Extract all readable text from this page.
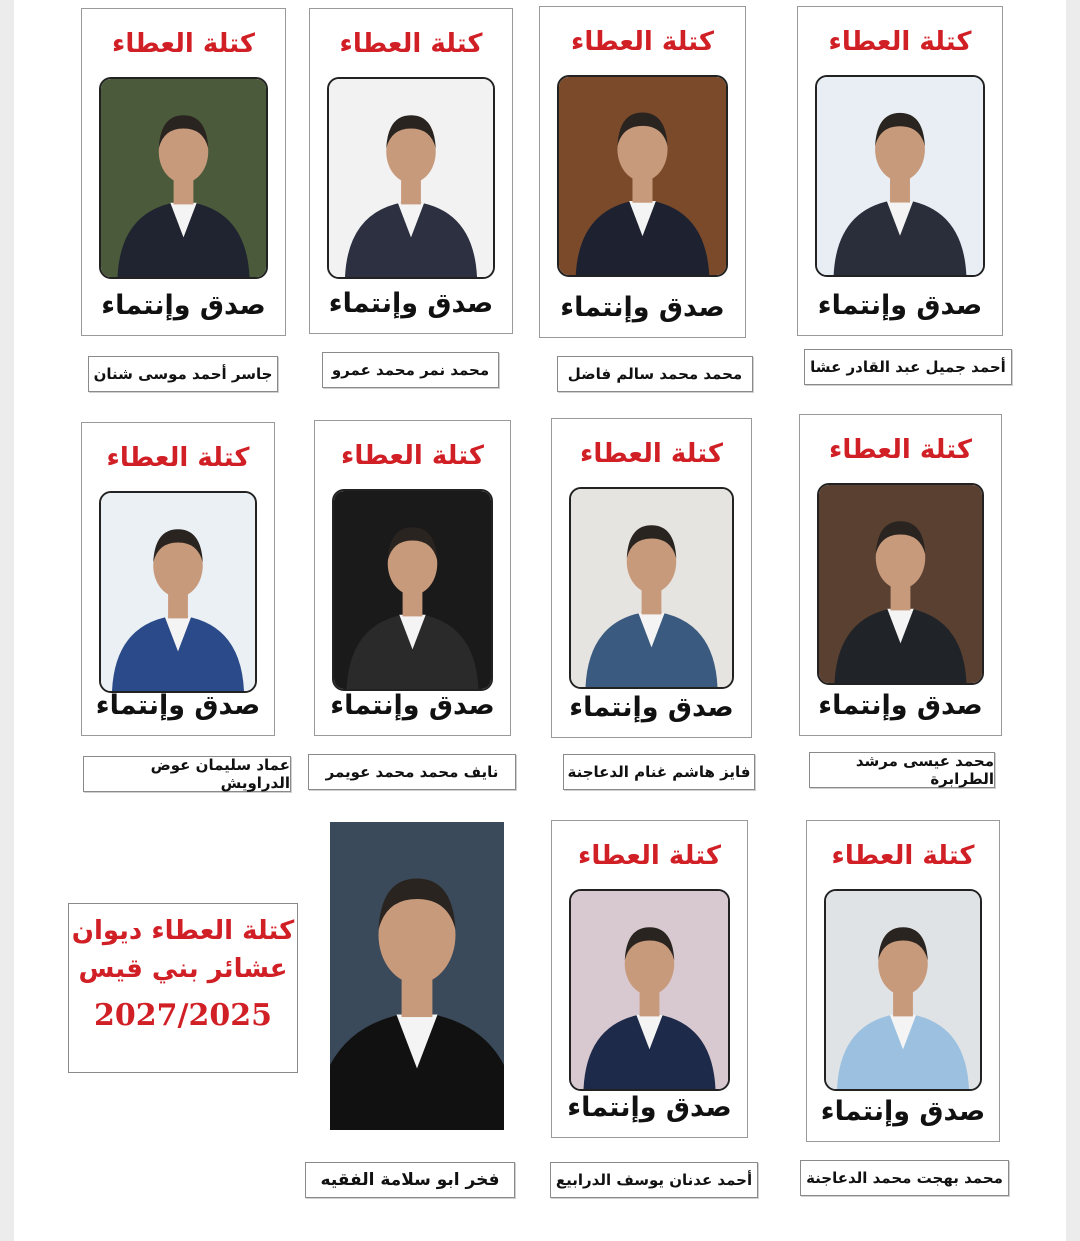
كتلة العطاء
صدق وإنتماء
كتلة العطاء
صدق وإنتماء
كتلة العطاء
صدق وإنتماء
كتلة العطاء
صدق وإنتماء
أحمد جميل عبد القادر عشا
محمد محمد سالم فاضل
محمد نمر محمد عمرو
جاسر أحمد موسى شنان
كتلة العطاء
صدق وإنتماء
كتلة العطاء
صدق وإنتماء
كتلة العطاء
صدق وإنتماء
كتلة العطاء
صدق وإنتماء
محمد عيسى مرشد الطرابرة
فايز هاشم غنام الدعاجنة
نايف محمد محمد عويمر
عماد سليمان عوض الدراويش
كتلة العطاء
صدق وإنتماء
كتلة العطاء
صدق وإنتماء
كتلة العطاء ديوان
عشائر بني قيس
2027/2025
محمد بهجت محمد الدعاجنة
أحمد عدنان يوسف الدرابيع
فخر ابو سلامة الفقيه
